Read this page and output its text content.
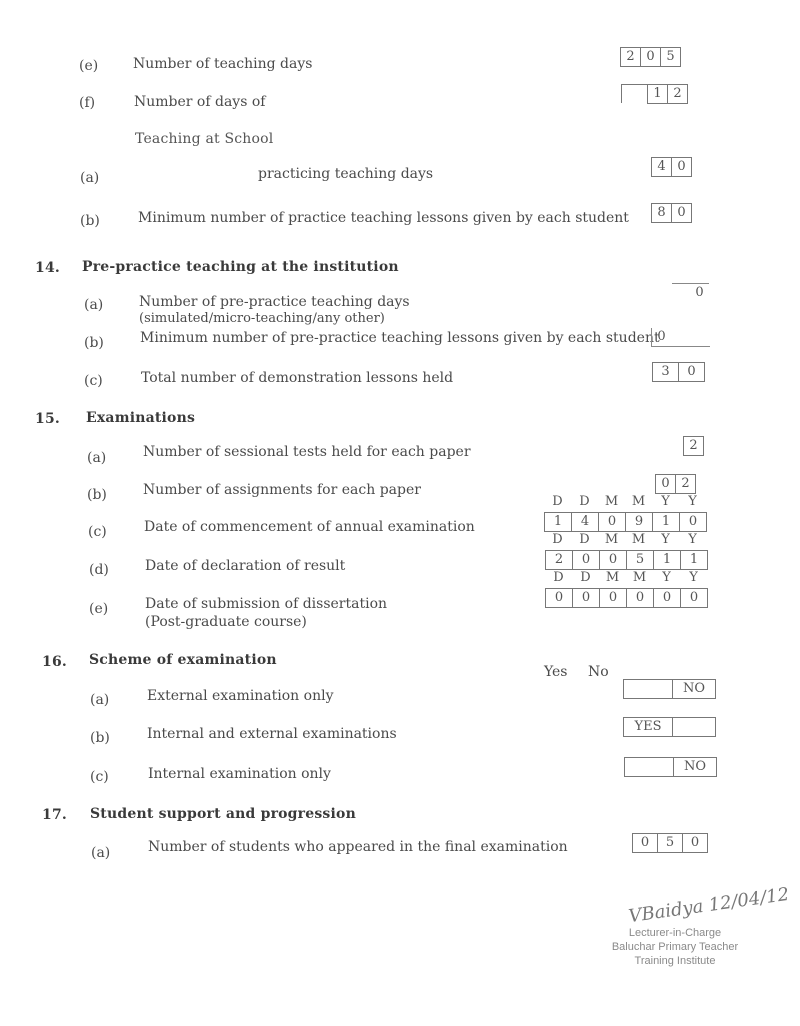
(e) Number of teaching days	2 0 5
(f)	Number of days of
1 2
Teaching at School
(a)	practicing teaching days	4 0
(b)	Minimum number of practice teaching lessons given by each student	8 0
14. Pre-practice teaching at the institution
(a)	Number of pre-practice teaching days
(simulated/micro-teaching/any other)
0
(b)	Minimum number of pre-practice teaching lessons given by each student
0
(c)	Total number of demonstration lessons held	3	0
15. Examinations
(a)	Number of sessional tests held for each paper	2
(b)	Number of assignments for each paper	0 2
D	D	M	M	Y	Y
(c)	Date of commencement of annual examination	1	4	0	9	1	0
D	D	M	M	Y	Y
(d)	Date of declaration of result	2	0	0	5	1	1
D	D	M	M	Y	Y
(e)	Date of submission of dissertation
(Post-graduate course)
0	0	0	0	0	0
16. Scheme of examination
Yes No
(a)	External examination only	NO
(b)	Internal and external examinations	YES
(c)	Internal examination only	NO
17. Student support and progression
(a)	Number of students who appeared in the final examination	0	5	0
VBaidya 12/04/12
Lecturer-in-Charge
Baluchar Primary Teacher
Training Institute
